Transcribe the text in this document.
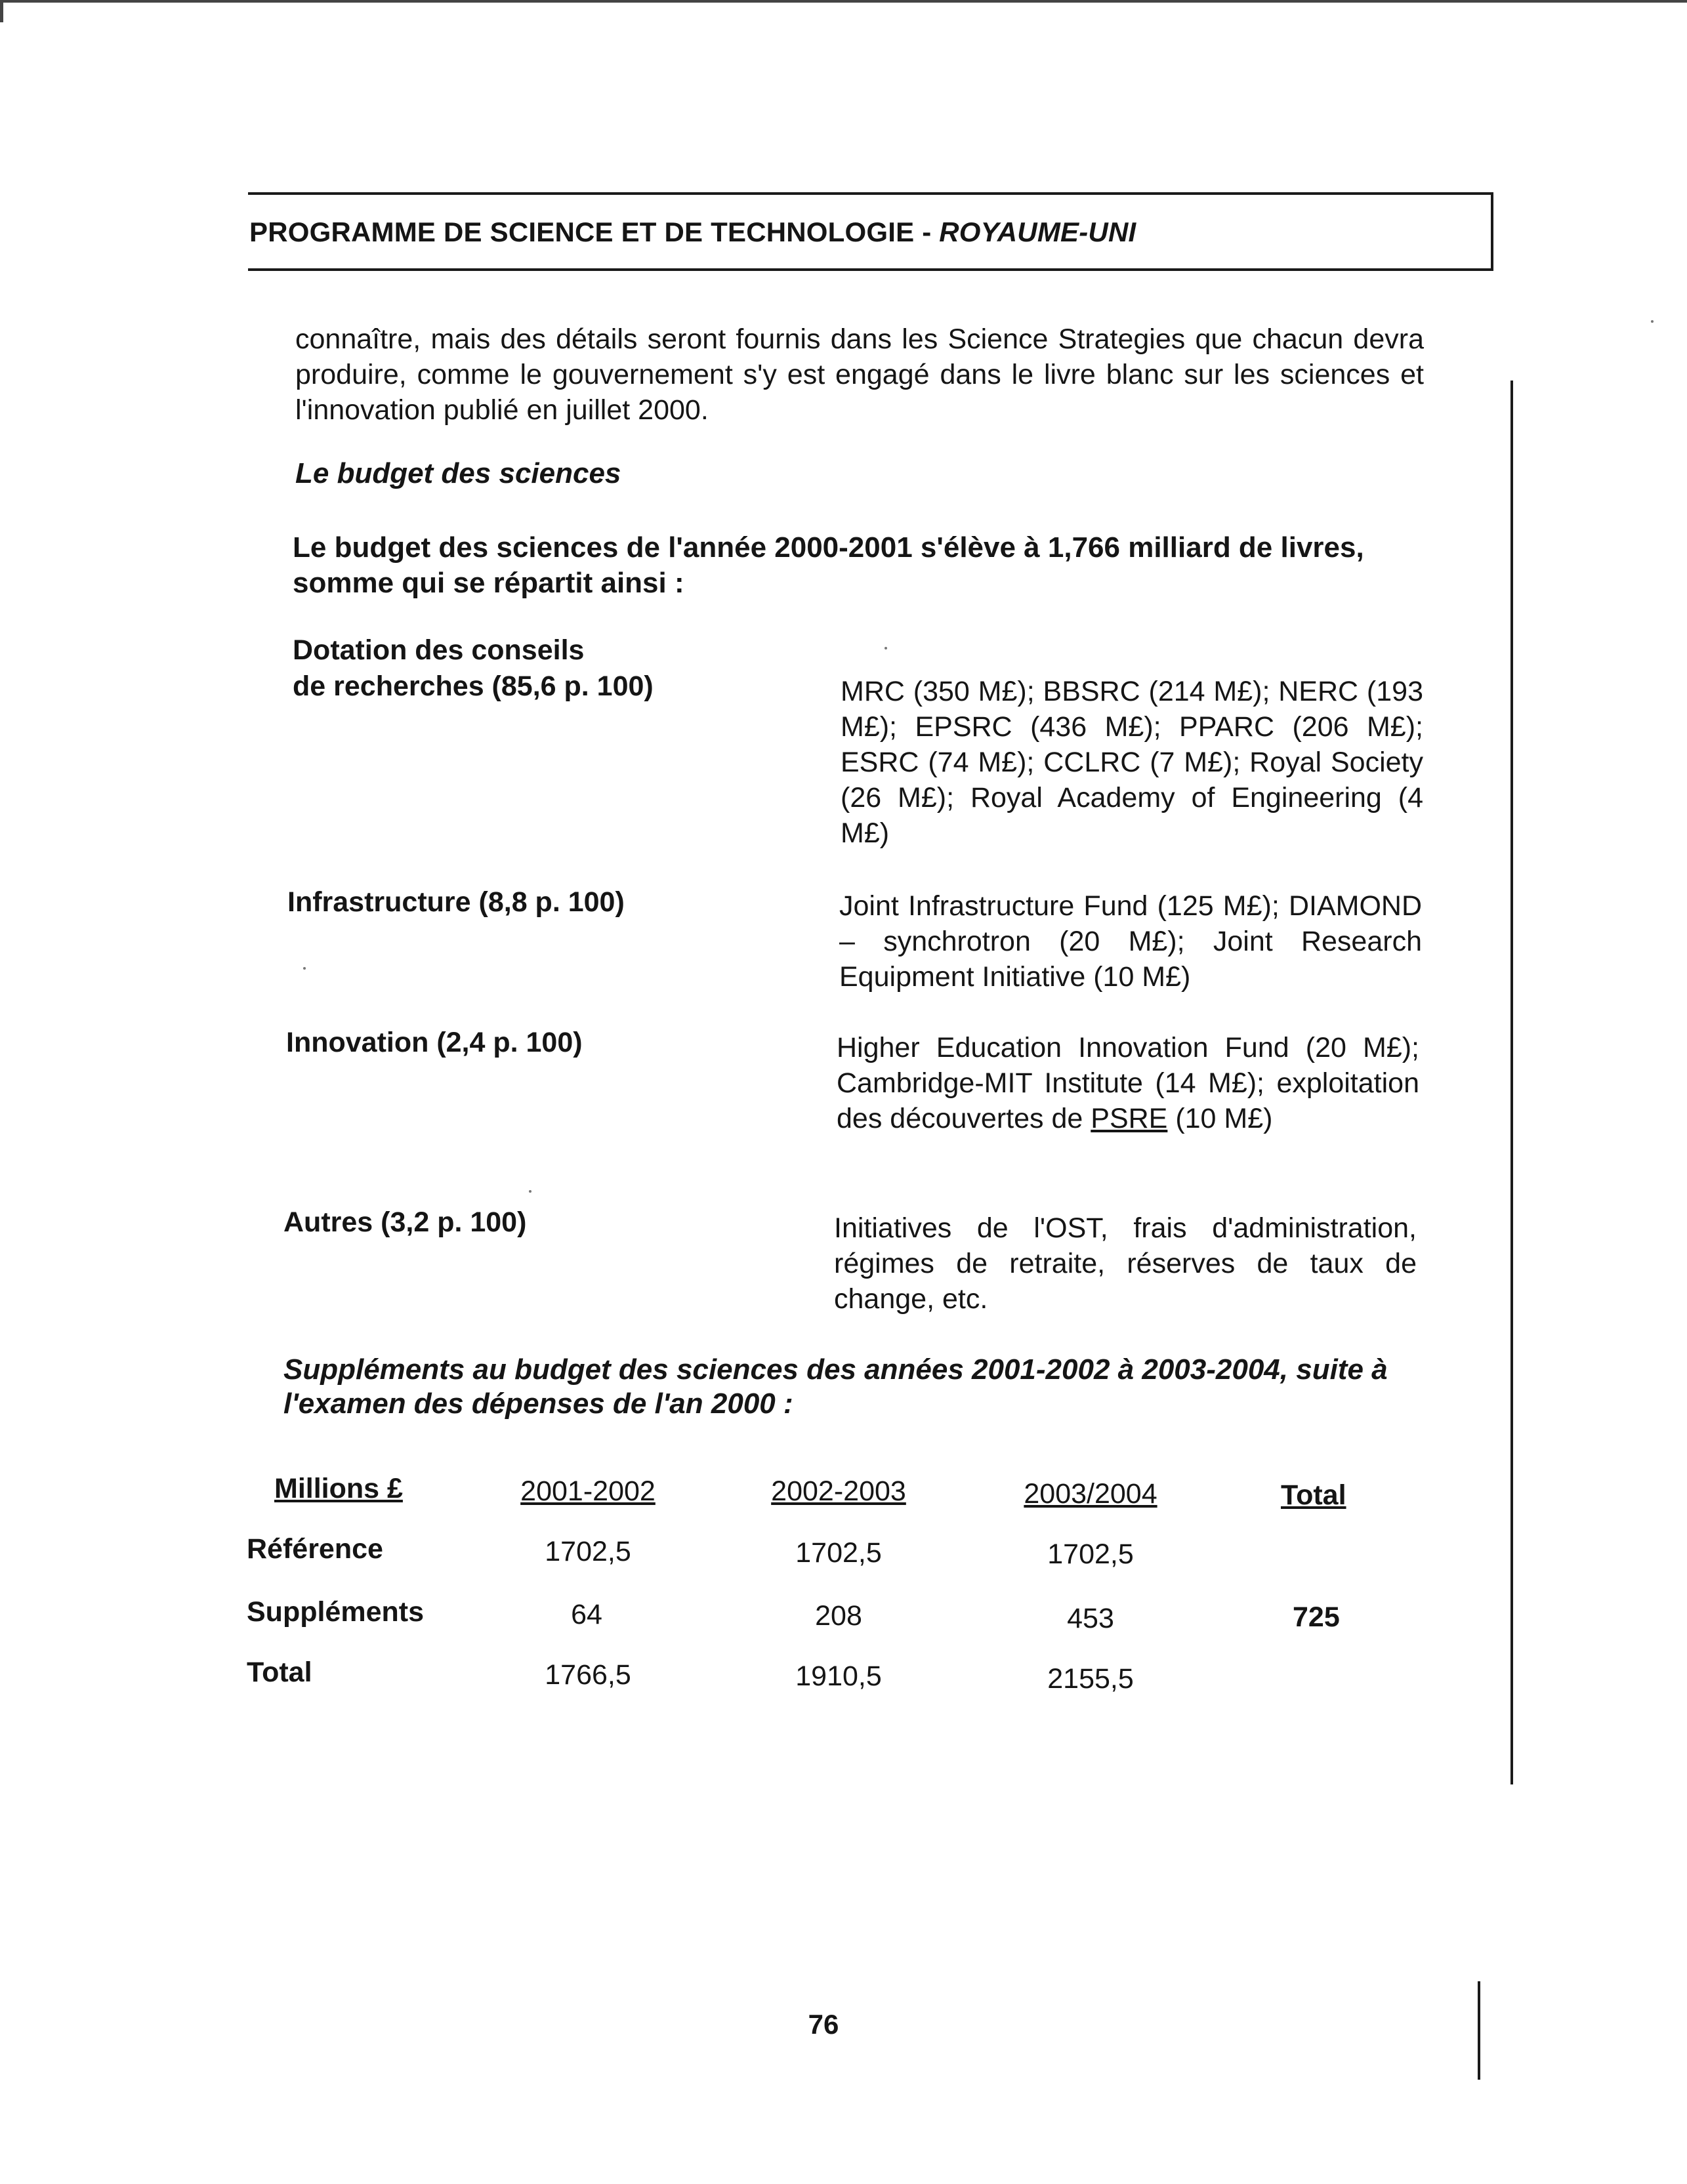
PROGRAMME DE SCIENCE ET DE TECHNOLOGIE - ROYAUME-UNI
connaître, mais des détails seront fournis dans les Science Strategies que chacun devra produire, comme le gouvernement s'y est engagé dans le livre blanc sur les sciences et l'innovation publié en juillet 2000.
Le budget des sciences
Le budget des sciences de l'année 2000-2001 s'élève à 1,766 milliard de livres, somme qui se répartit ainsi :
Dotation des conseils
de recherches (85,6 p. 100)	MRC (350 M£); BBSRC (214 M£); NERC (193 M£); EPSRC (436 M£); PPARC (206 M£); ESRC (74 M£); CCLRC (7 M£); Royal Society (26 M£); Royal Academy of Engineering (4 M£)
Infrastructure (8,8 p. 100)	Joint Infrastructure Fund (125 M£); DIAMOND – synchrotron (20 M£); Joint Research Equipment Initiative (10 M£)
Innovation (2,4 p. 100)	Higher Education Innovation Fund (20 M£); Cambridge-MIT Institute (14 M£); exploitation des découvertes de PSRE (10 M£)
Autres (3,2 p. 100)	Initiatives de l'OST, frais d'administration, régimes de retraite, réserves de taux de change, etc.
Suppléments au budget des sciences des années 2001-2002 à 2003-2004, suite à l'examen des dépenses de l'an 2000 :
Millions £	2001-2002	2002-2003	2003/2004	Total
Référence	1702,5	1702,5	1702,5
Suppléments	64	208	453	725
Total	1766,5	1910,5	2155,5
76
